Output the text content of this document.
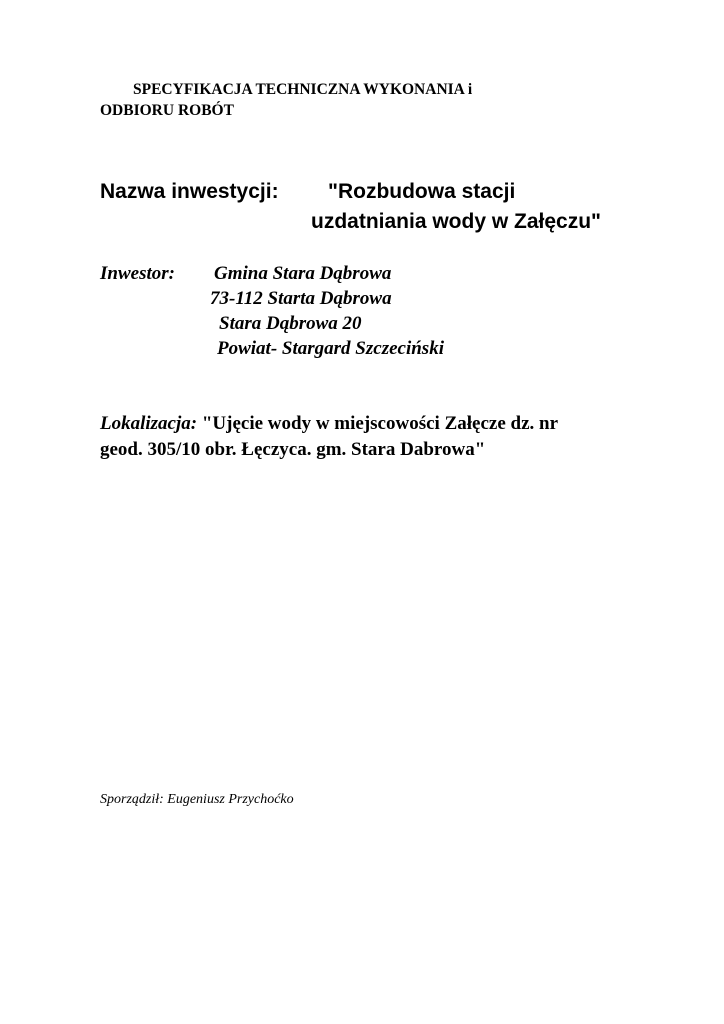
SPECYFIKACJA TECHNICZNA WYKONANIA i
ODBIORU ROBÓT
Nazwa inwestycji: "Rozbudowa stacji
uzdatniania wody w Załęczu"
Inwestor: Gmina Stara Dąbrowa
73-112 Starta Dąbrowa
Stara Dąbrowa 20
Powiat- Stargard Szczeciński
Lokalizacja: "Ujęcie wody w miejscowości Załęcze dz. nr
geod. 305/10 obr. Łęczyca. gm. Stara Dabrowa"
Sporządził: Eugeniusz Przychoćko
